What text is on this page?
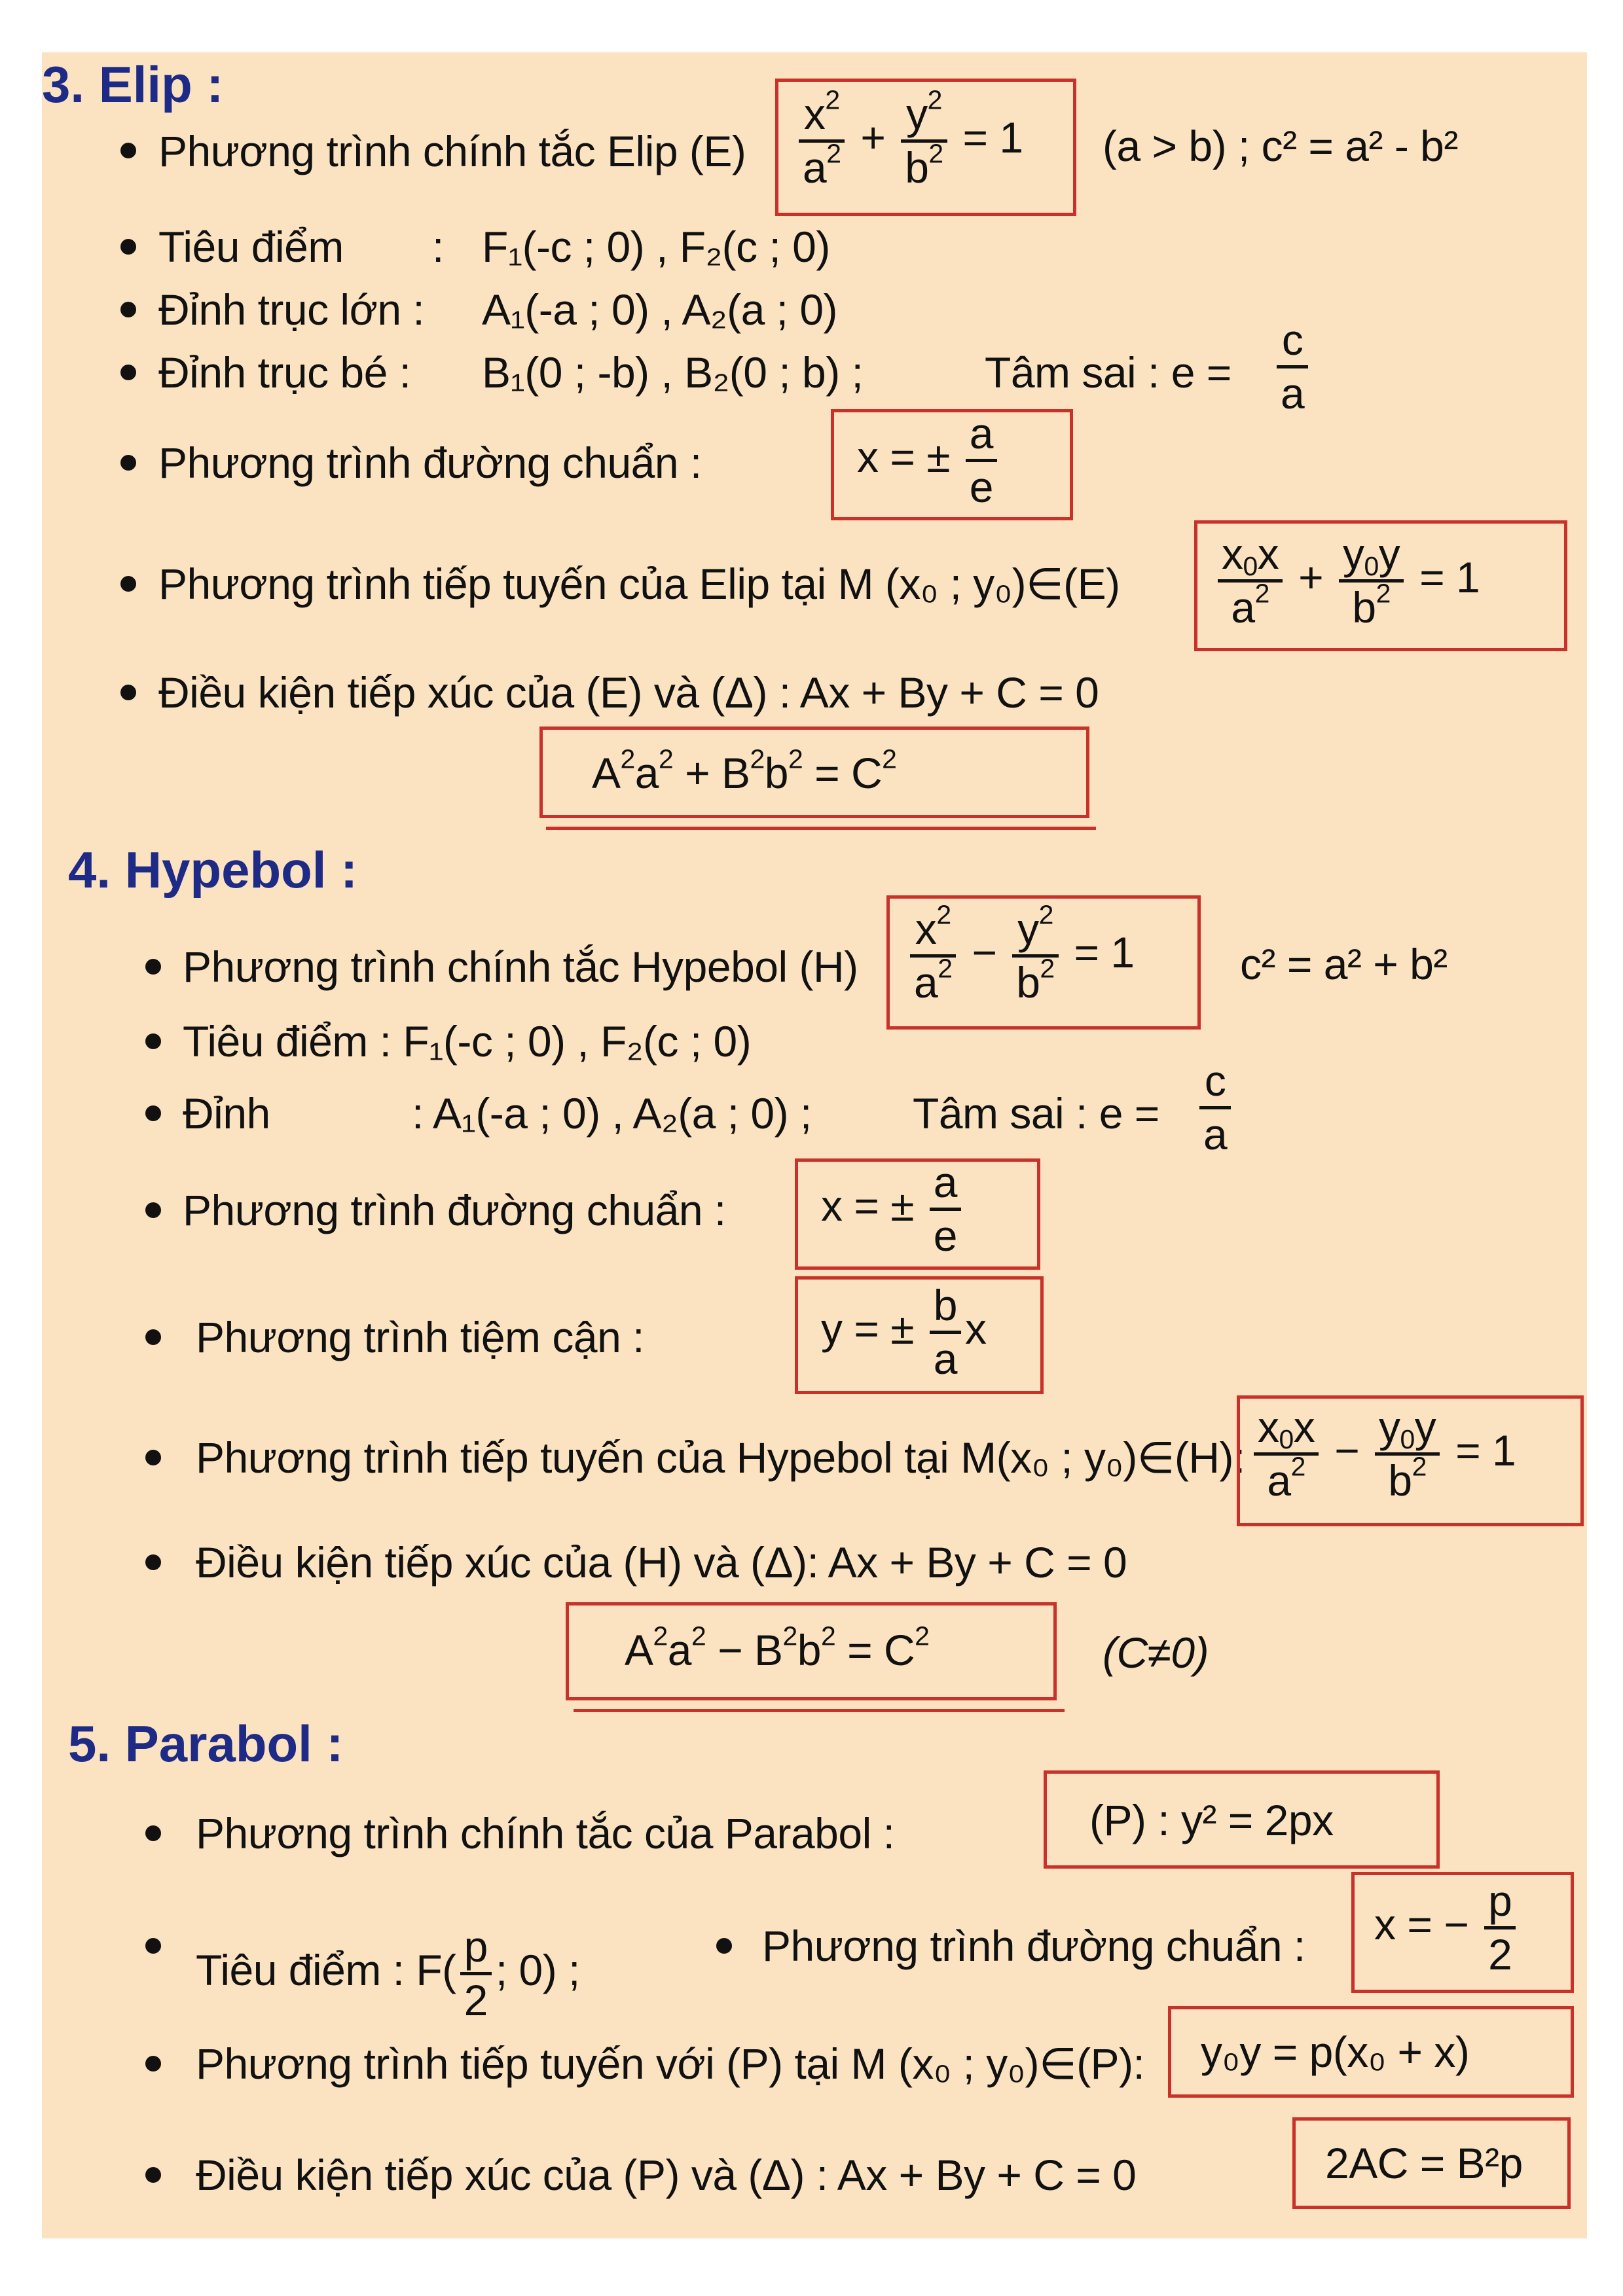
3. Elip :
Phương trình chính tắc Elip $(E) \frac{x^2}{a^2} + \frac{y^2}{b^2} = 1$ (a > b) ; c² = a² - b²
Tiêu điểm : F₁(-c ; 0) , F₂(c ; 0)
Đỉnh trục lớn : A₁(-a ; 0) , A₂(a ; 0)
Đỉnh trục bé : B₁(0 ; -b) , B₂(0 ; b) ;	Tâm sai : $e = \frac{c}{a}$
Phương trình đường chuẩn :	x = ± $\frac{a}{e}$
Phương trình tiếp tuyến của Elip tại M (x₀ ; y₀)∈(E) $\frac{x_0x}{a^2} + \frac{y_0y}{b^2} = 1$
Điều kiện tiếp xúc của (E) và (Δ) : Ax + By + C = 0
$A^2a^2 + B^2b^2 = C^2$
4. Hypebol :
Phương trình chính tắc Hypebol $(H) \frac{x^2}{a^2} - \frac{y^2}{b^2} = 1$ c² = a² + b²
Tiêu điểm : F₁(-c ; 0) , F₂(c ; 0)
Đỉnh	: A₁(-a ; 0) , A₂(a ; 0) ; Tâm sai : $e = \frac{c}{a}$
Phương trình đường chuẩn : x = ± $\frac{a}{e}$
Phương trình tiệm cận :	y = ± $\frac{b}{a}$ x
Phương trình tiếp tuyến của Hypebol tại M(x₀ ; y₀)∈(H): $\frac{x_0x}{a^2} - \frac{y_0y}{b^2} = 1$
Điều kiện tiếp xúc của (H) và (Δ): Ax + By + C = 0
$A^2a^2 - B^2b^2 = C^2$	(C≠0)
5. Parabol :
Phương trình chính tắc của Parabol :	(P) : y² = 2px
Tiêu điểm : $F( \frac{p}{2}$ ; 0) ;
Phương trình đường chuẩn : x = − $\frac{p}{2}$
Phương trình tiếp tuyến với (P) tại M (x₀ ; y₀)∈(P): y₀y = p(x₀ + x)
Điều kiện tiếp xúc của (P) và (Δ) : Ax + By + C = 0	2AC = B²p
